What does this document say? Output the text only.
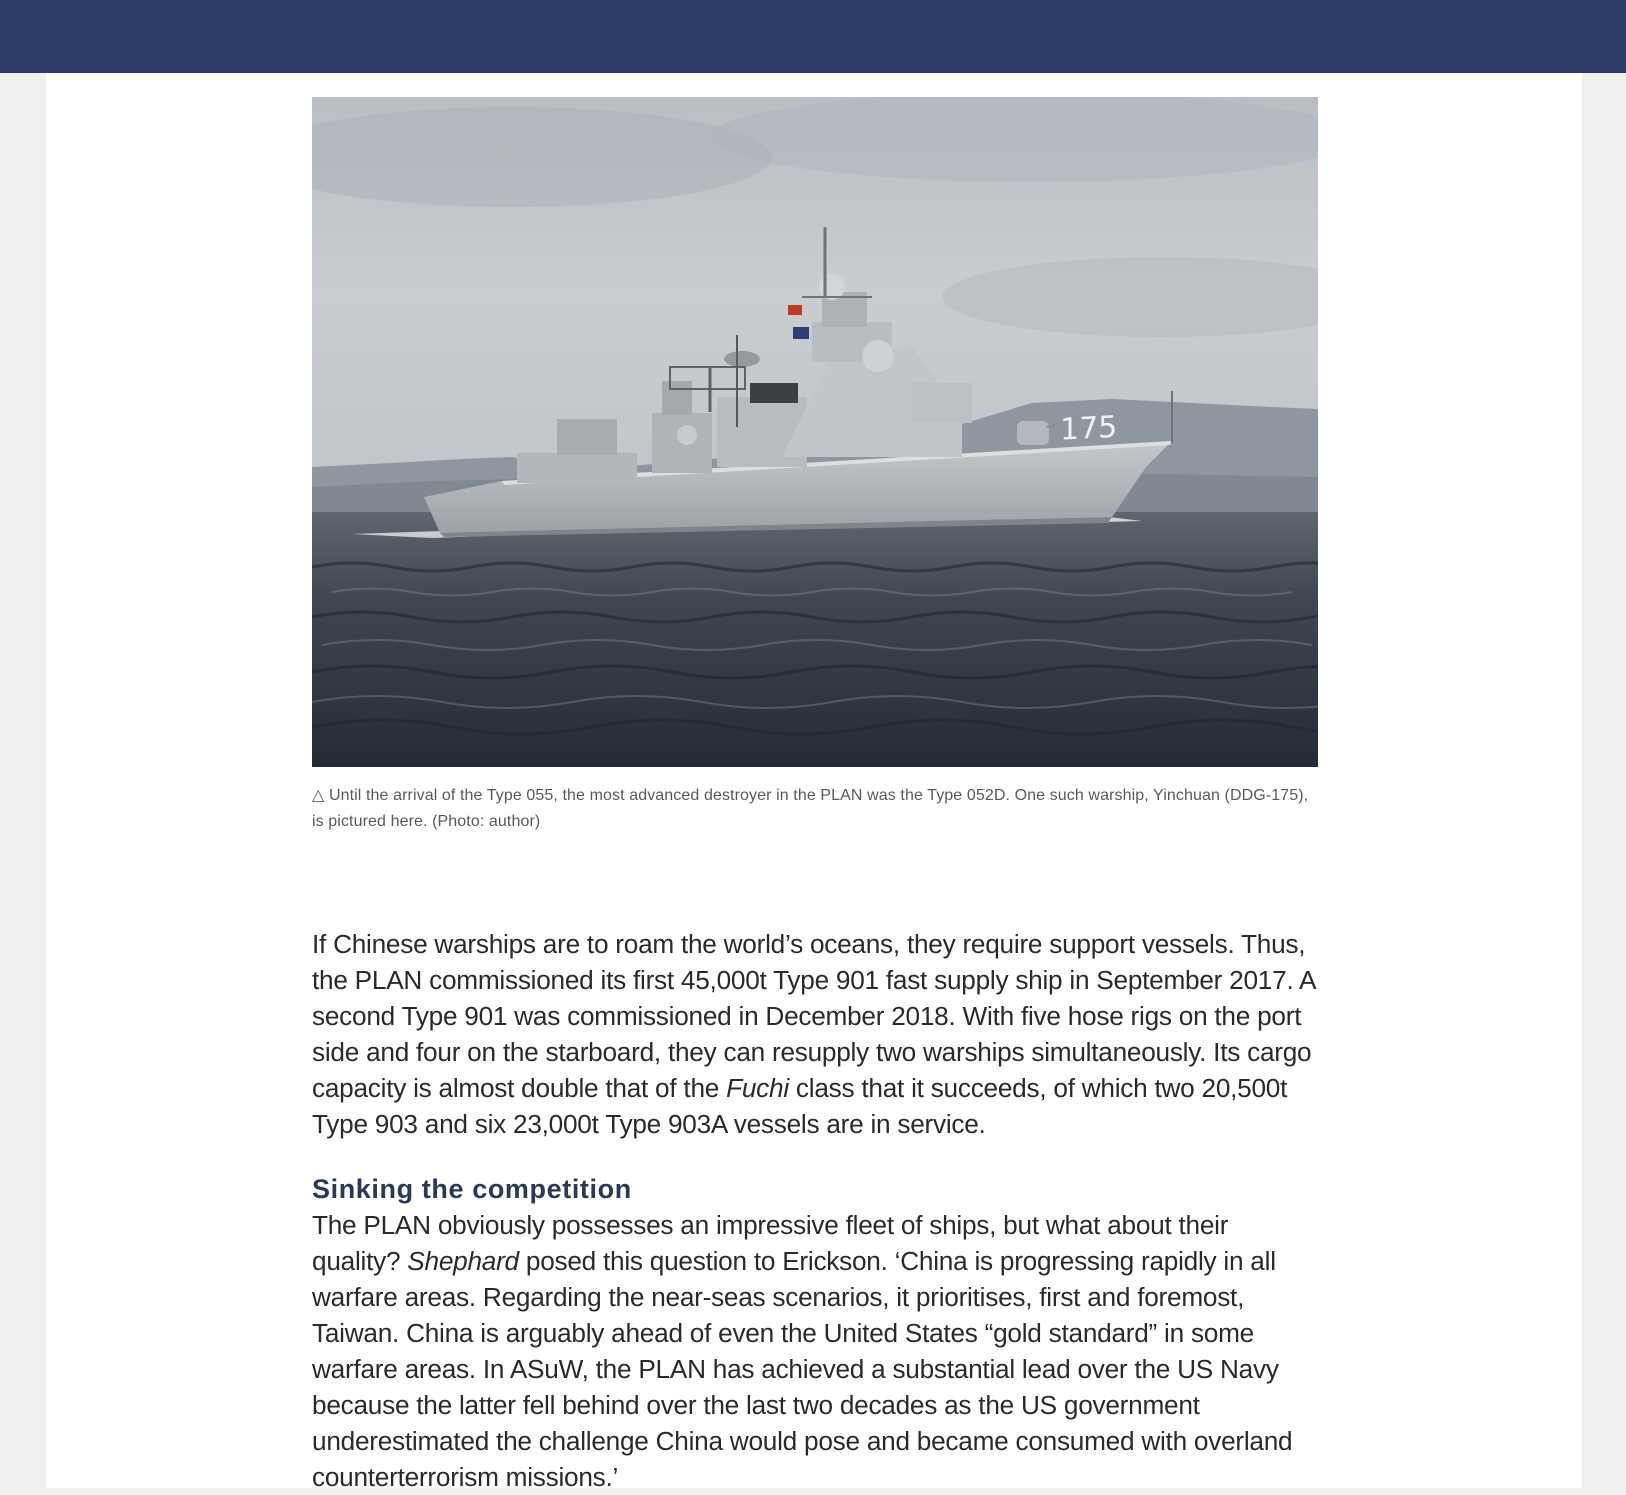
175
△ Until the arrival of the Type 055, the most advanced destroyer in the PLAN was the Type 052D. One such warship, Yinchuan (DDG-175), is pictured here. (Photo: author)

If Chinese warships are to roam the world’s oceans, they require support vessels. Thus, the PLAN commissioned its first 45,000t Type 901 fast supply ship in September 2017. A second Type 901 was commissioned in December 2018. With five hose rigs on the port side and four on the starboard, they can resupply two warships simultaneously. Its cargo capacity is almost double that of the Fuchi class that it succeeds, of which two 20,500t Type 903 and six 23,000t Type 903A vessels are in service.

Sinking the competition

The PLAN obviously possesses an impressive fleet of ships, but what about their quality? Shephard posed this question to Erickson. ‘China is progressing rapidly in all warfare areas. Regarding the near-seas scenarios, it prioritises, first and foremost, Taiwan. China is arguably ahead of even the United States “gold standard” in some warfare areas. In ASuW, the PLAN has achieved a substantial lead over the US Navy because the latter fell behind over the last two decades as the US government underestimated the challenge China would pose and became consumed with overland counterterrorism missions.’
